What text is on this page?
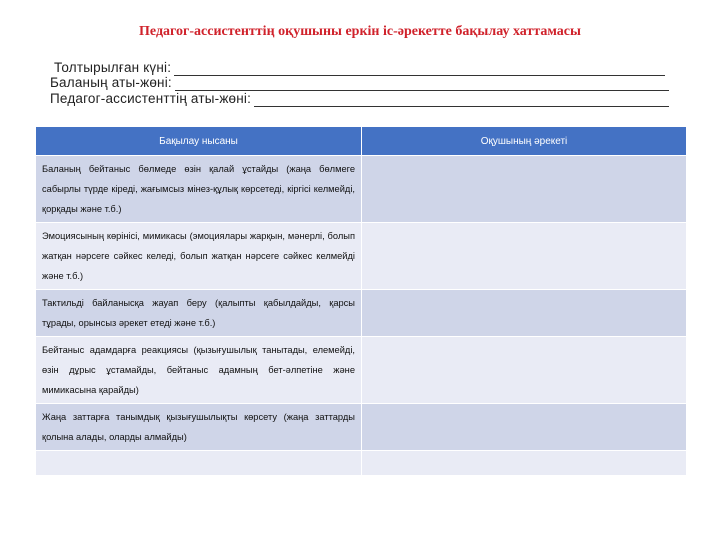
Педагог-ассистенттің оқушыны еркін іс-әрекетте бақылау хаттамасы
Толтырылған күні:
Баланың аты-жөні:
Педагог-ассистенттің аты-жөні:
Бақылау нысаны	Оқушының әрекеті
Баланың бейтаныс бөлмеде өзін қалай ұстайды (жаңа бөлмеге сабырлы түрде кіреді, жағымсыз мінез-құлық көрсетеді, кіргісі келмейді, қорқады және т.б.)	
Эмоциясының көрінісі, мимикасы (эмоциялары жарқын, мәнерлі, болып жатқан нәрсеге сәйкес келеді, болып жатқан нәрсеге сәйкес келмейді және т.б.)	
Тактильді байланысқа жауап беру (қалыпты қабылдайды, қарсы тұрады, орынсыз әрекет етеді және т.б.)	
Бейтаныс адамдарға реакциясы (қызығушылық танытады, елемейді, өзін дұрыс ұстамайды, бейтаныс адамның бет-әлпетіне және мимикасына қарайды)	
Жаңа заттарға танымдық қызығушылықты көрсету (жаңа заттарды қолына алады, оларды алмайды)	
